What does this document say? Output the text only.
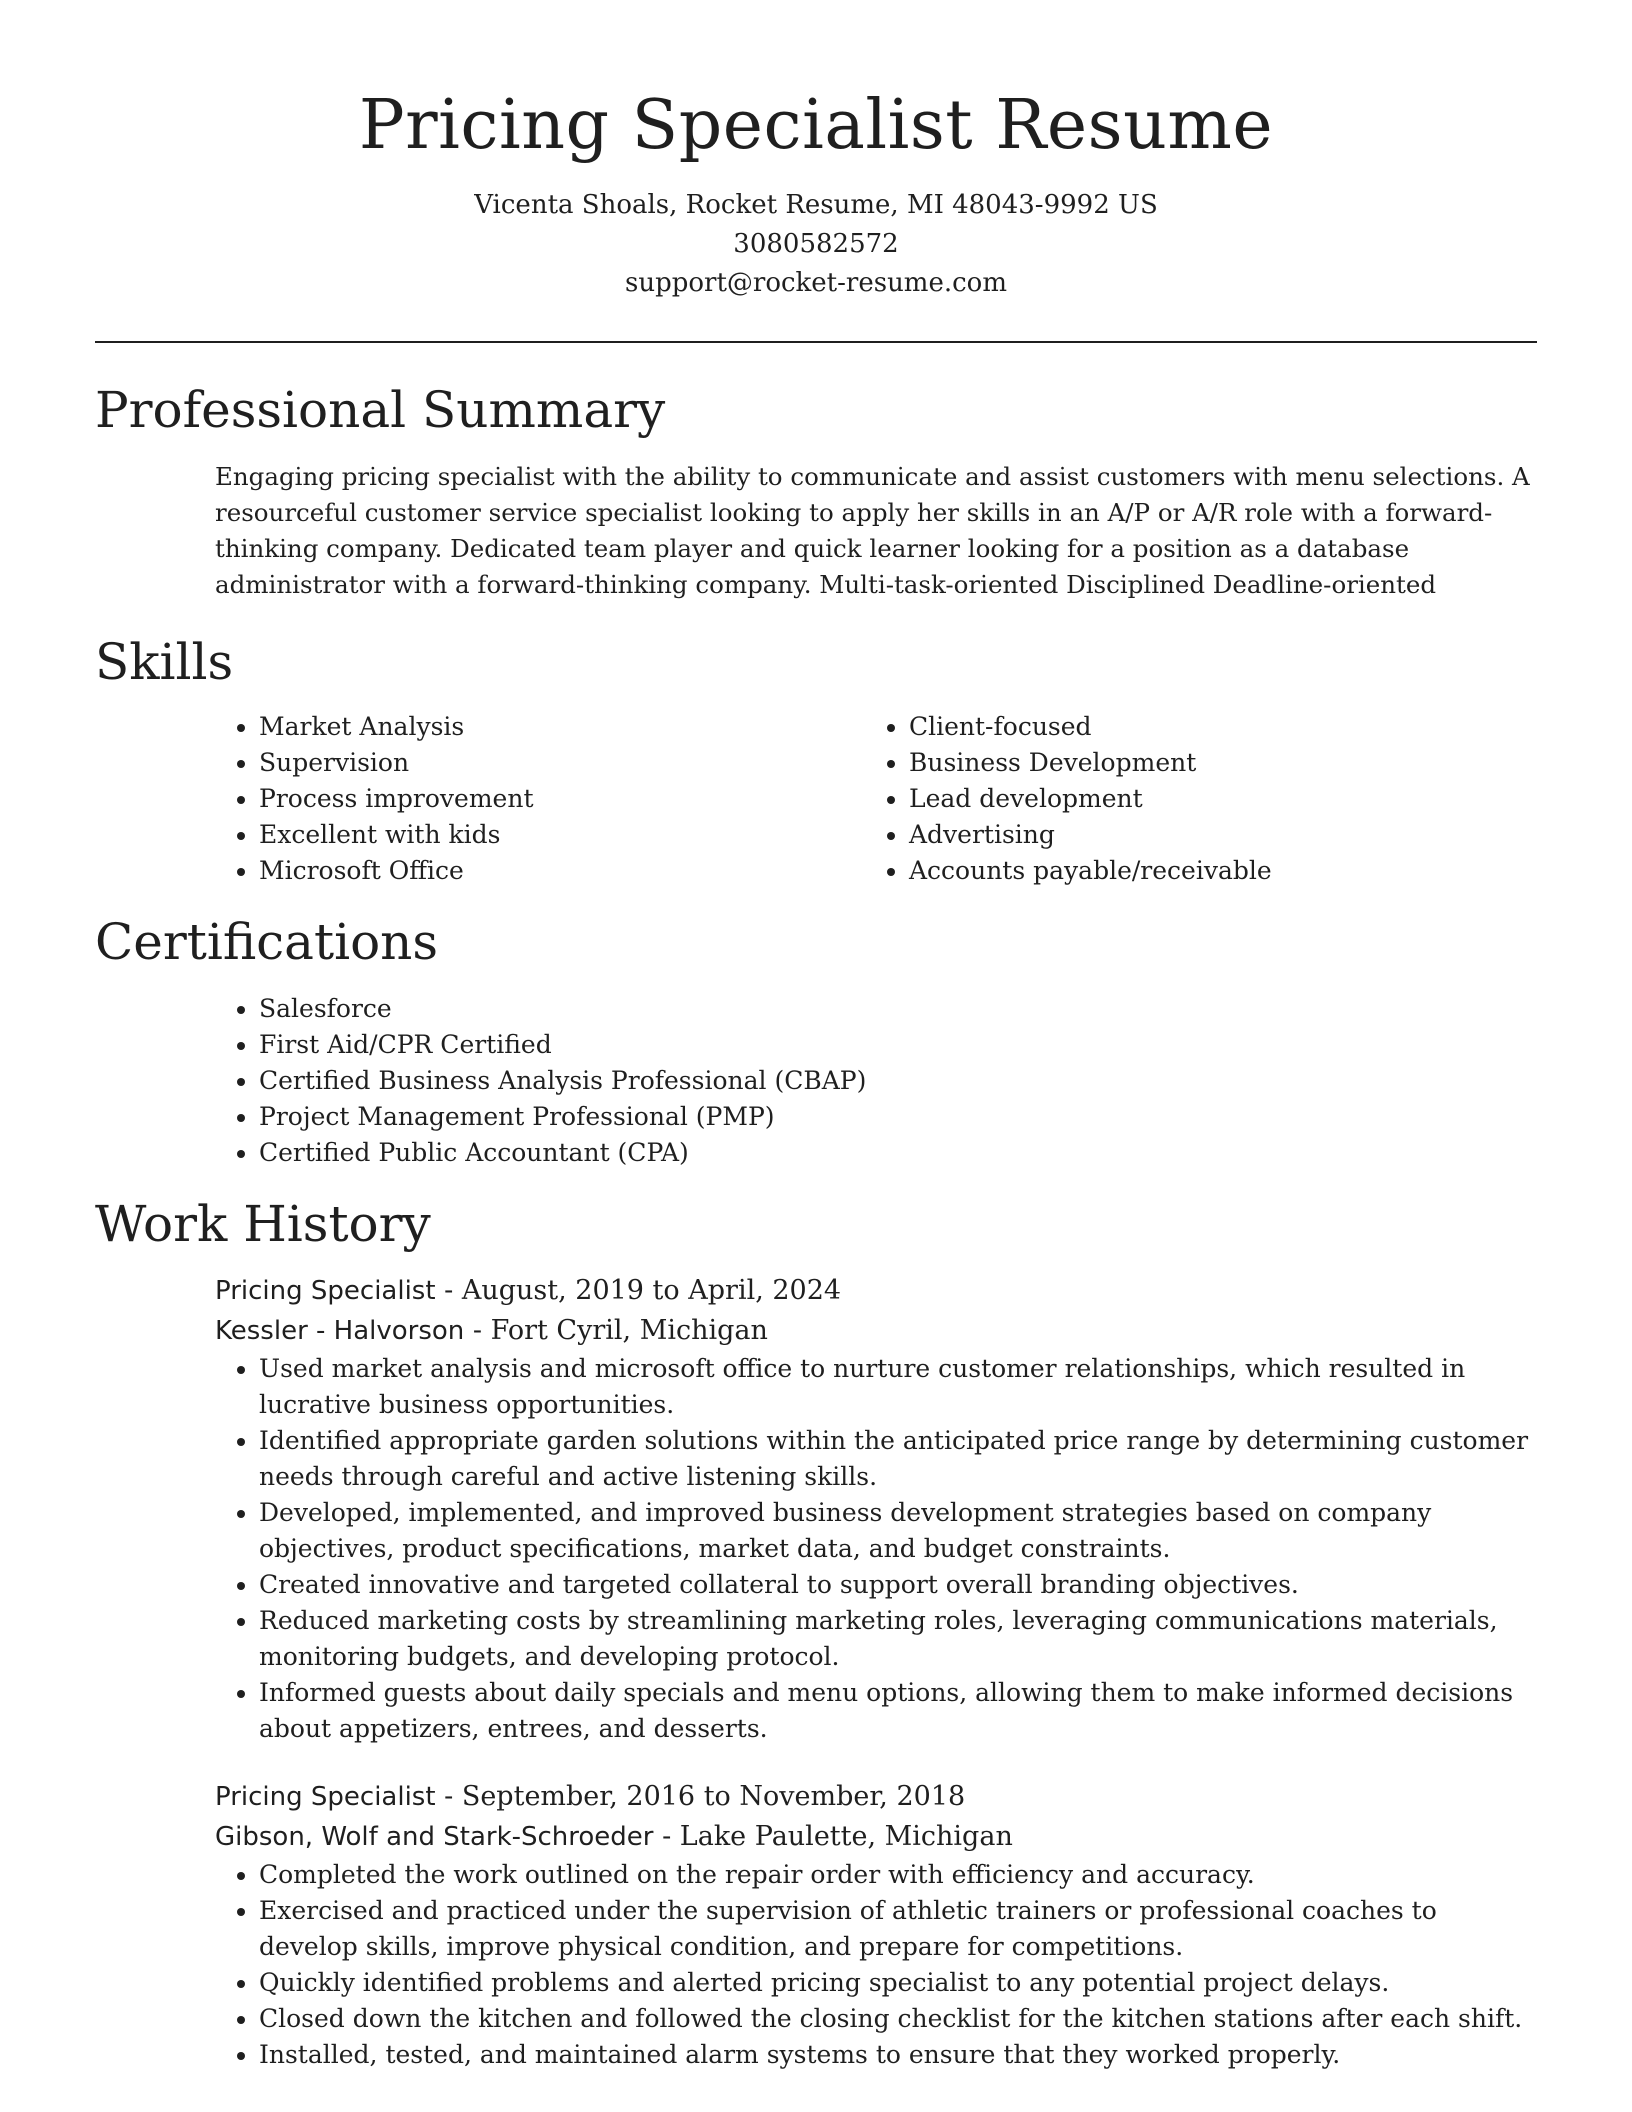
Pricing Specialist Resume
Vicenta Shoals, Rocket Resume, MI 48043-9992 US
3080582572
support@rocket-resume.com
Professional Summary

Engaging pricing specialist with the ability to communicate and assist customers with menu selections. A resourceful customer service specialist looking to apply her skills in an A/P or A/R role with a forward-thinking company. Dedicated team player and quick learner looking for a position as a database administrator with a forward-thinking company. Multi-task-oriented Disciplined Deadline-oriented

Skills
• Market Analysis
• Supervision
• Process improvement
• Excellent with kids
• Microsoft Office
• Client-focused
• Business Development
• Lead development
• Advertising
• Accounts payable/receivable
Certifications
• Salesforce
• First Aid/CPR Certified
• Certified Business Analysis Professional (CBAP)
• Project Management Professional (PMP)
• Certified Public Accountant (CPA)
Work History
Pricing Specialist - August, 2019 to April, 2024
Kessler - Halvorson - Fort Cyril, Michigan
• Used market analysis and microsoft office to nurture customer relationships, which resulted in lucrative business opportunities.
• Identified appropriate garden solutions within the anticipated price range by determining customer needs through careful and active listening skills.
• Developed, implemented, and improved business development strategies based on company objectives, product specifications, market data, and budget constraints.
• Created innovative and targeted collateral to support overall branding objectives.
• Reduced marketing costs by streamlining marketing roles, leveraging communications materials, monitoring budgets, and developing protocol.
• Informed guests about daily specials and menu options, allowing them to make informed decisions about appetizers, entrees, and desserts.
Pricing Specialist - September, 2016 to November, 2018
Gibson, Wolf and Stark-Schroeder - Lake Paulette, Michigan
• Completed the work outlined on the repair order with efficiency and accuracy.
• Exercised and practiced under the supervision of athletic trainers or professional coaches to develop skills, improve physical condition, and prepare for competitions.
• Quickly identified problems and alerted pricing specialist to any potential project delays.
• Closed down the kitchen and followed the closing checklist for the kitchen stations after each shift.
• Installed, tested, and maintained alarm systems to ensure that they worked properly.
